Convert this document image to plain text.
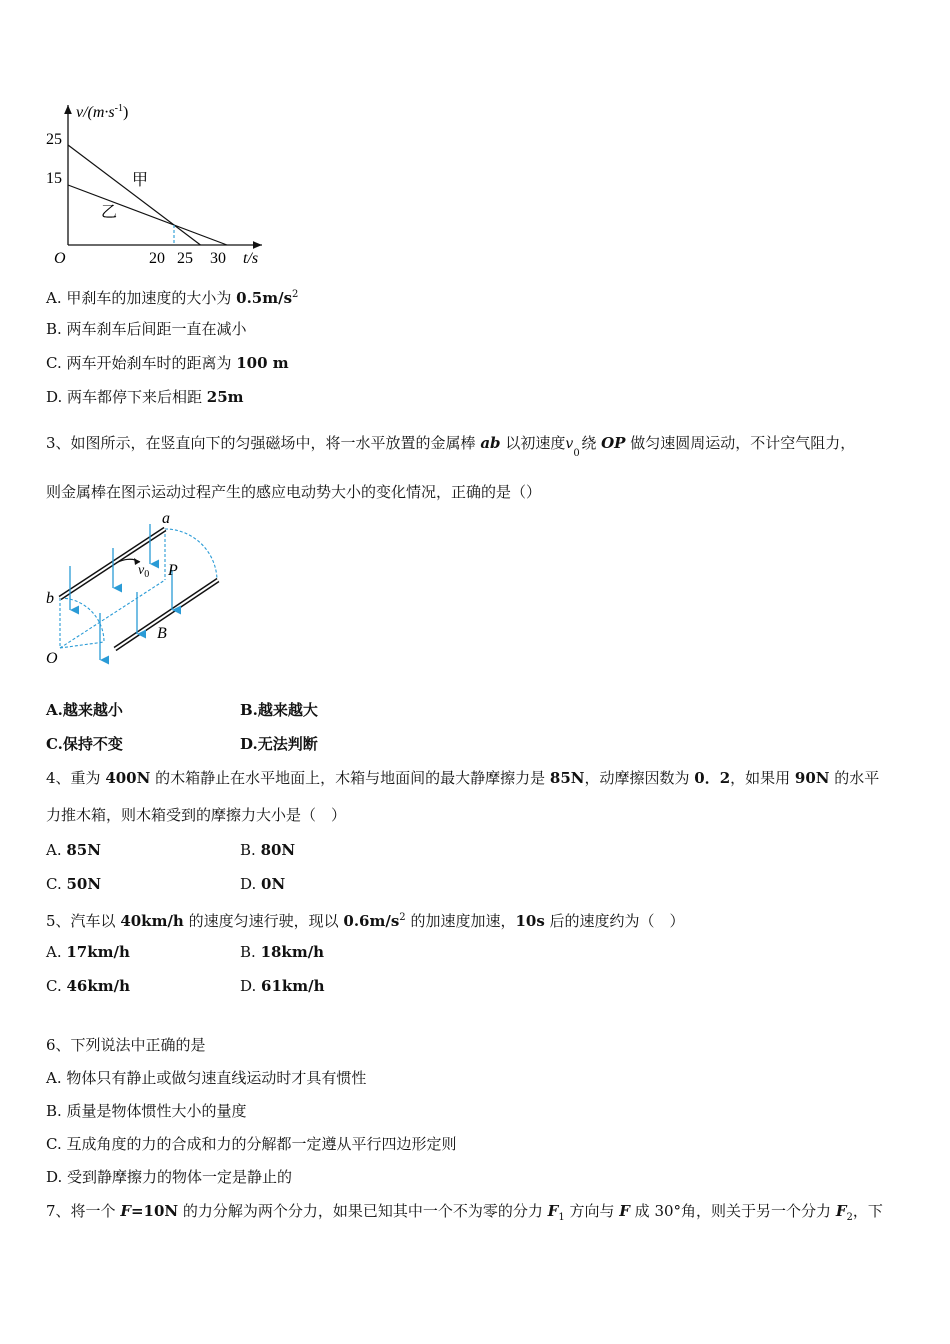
$v/(m\cdot s^{-1})$
25
15
O	20 25 30 t/s
甲
乙
A. 甲刹车的加速度的大小为 $0.5m/s^2$
B. 两车刹车后间距一直在减小
C. 两车开始刹车时的距离为 100 m
D. 两车都停下来后相距 25m
3、如图所示，在竖直向下的匀强磁场中，将一水平放置的金属棒 ab 以初速度 v
0
绕 OP 做匀速圆周运动，不计空气阻力，
则金属棒在图示运动过程产生的感应电动势大小的变化情况，正确的是（）
a
b
P
O
B
$v_0$
A.越来越小	B.越来越大
C.保持不变	D.无法判断
4、重为 400N 的木箱静止在水平地面上，木箱与地面间的最大静摩擦力是 85N，动摩擦因数为 0．2，如果用 90N 的水平
力推木箱，则木箱受到的摩擦力大小是（　）
A. 85N	B. 80N
C. 50N	D. 0N
5、汽车以 40km/h 的速度匀速行驶，现以 $0.6m/s^2$ 的加速度加速，10s 后的速度约为（　）
A. 17km/h	B. 18km/h
C. 46km/h	D. 61km/h
6、下列说法中正确的是
A. 物体只有静止或做匀速直线运动时才具有惯性
B. 质量是物体惯性大小的量度
C. 互成角度的力的合成和力的分解都一定遵从平行四边形定则
D. 受到静摩擦力的物体一定是静止的
7、将一个 F=10N 的力分解为两个分力，如果已知其中一个不为零的分力 $F_1$ 方向与 F 成 30°角，则关于另一个分力 $F_2$，下
